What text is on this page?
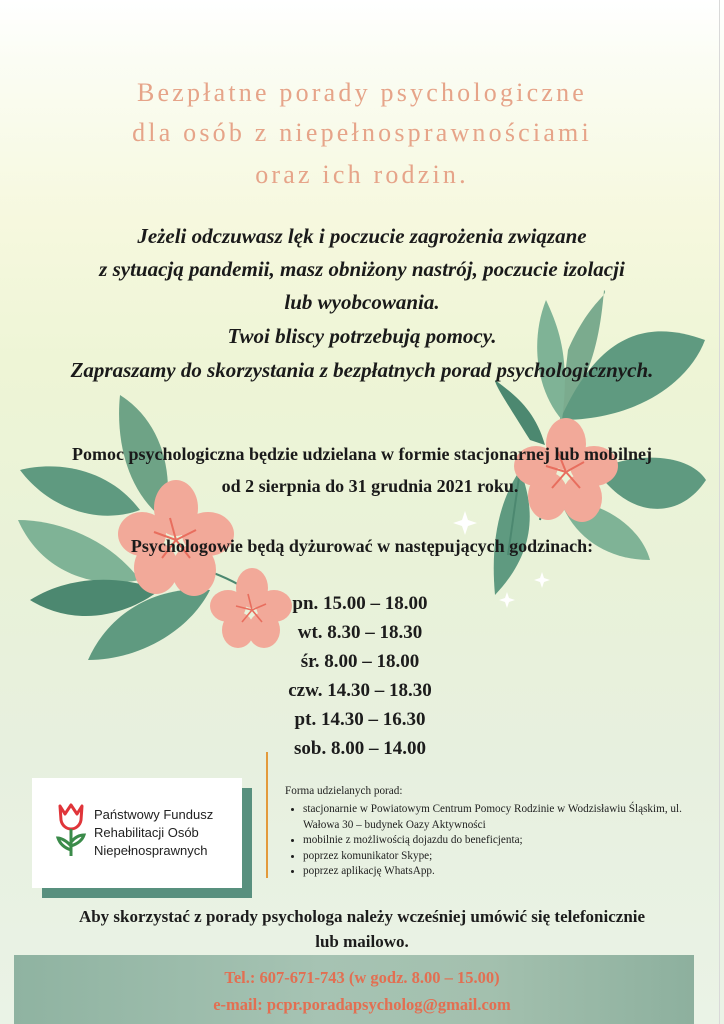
Bezpłatne porady psychologiczne
dla osób z niepełnosprawnościami
oraz ich rodzin.
Jeżeli odczuwasz lęk i poczucie zagrożenia związane
z sytuacją pandemii, masz obniżony nastrój, poczucie izolacji
lub wyobcowania.
Twoi bliscy potrzebują pomocy.
Zapraszamy do skorzystania z bezpłatnych porad psychologicznych.
Pomoc psychologiczna będzie udzielana w formie stacjonarnej lub mobilnej
od 2 sierpnia do 31 grudnia 2021 roku.
Psychologowie będą dyżurować w następujących godzinach:
pn. 15.00 – 18.00
wt. 8.30 – 18.30
śr. 8.00 – 18.00
czw. 14.30 – 18.30
pt. 14.30 – 16.30
sob. 8.00 – 14.00
Państwowy Fundusz
Rehabilitacji Osób
Niepełnosprawnych
Forma udzielanych porad:
• stacjonarnie w Powiatowym Centrum Pomocy Rodzinie w Wodzisławiu Śląskim, ul. Wałowa 30 – budynek Oazy Aktywności
• mobilnie z możliwością dojazdu do beneficjenta;
• poprzez komunikator Skype;
• poprzez aplikację WhatsApp.
Aby skorzystać z porady psychologa należy wcześniej umówić się telefonicznie
lub mailowo.
Tel.: 607-671-743 (w godz. 8.00 – 15.00)
e-mail: pcpr.poradapsycholog@gmail.com
